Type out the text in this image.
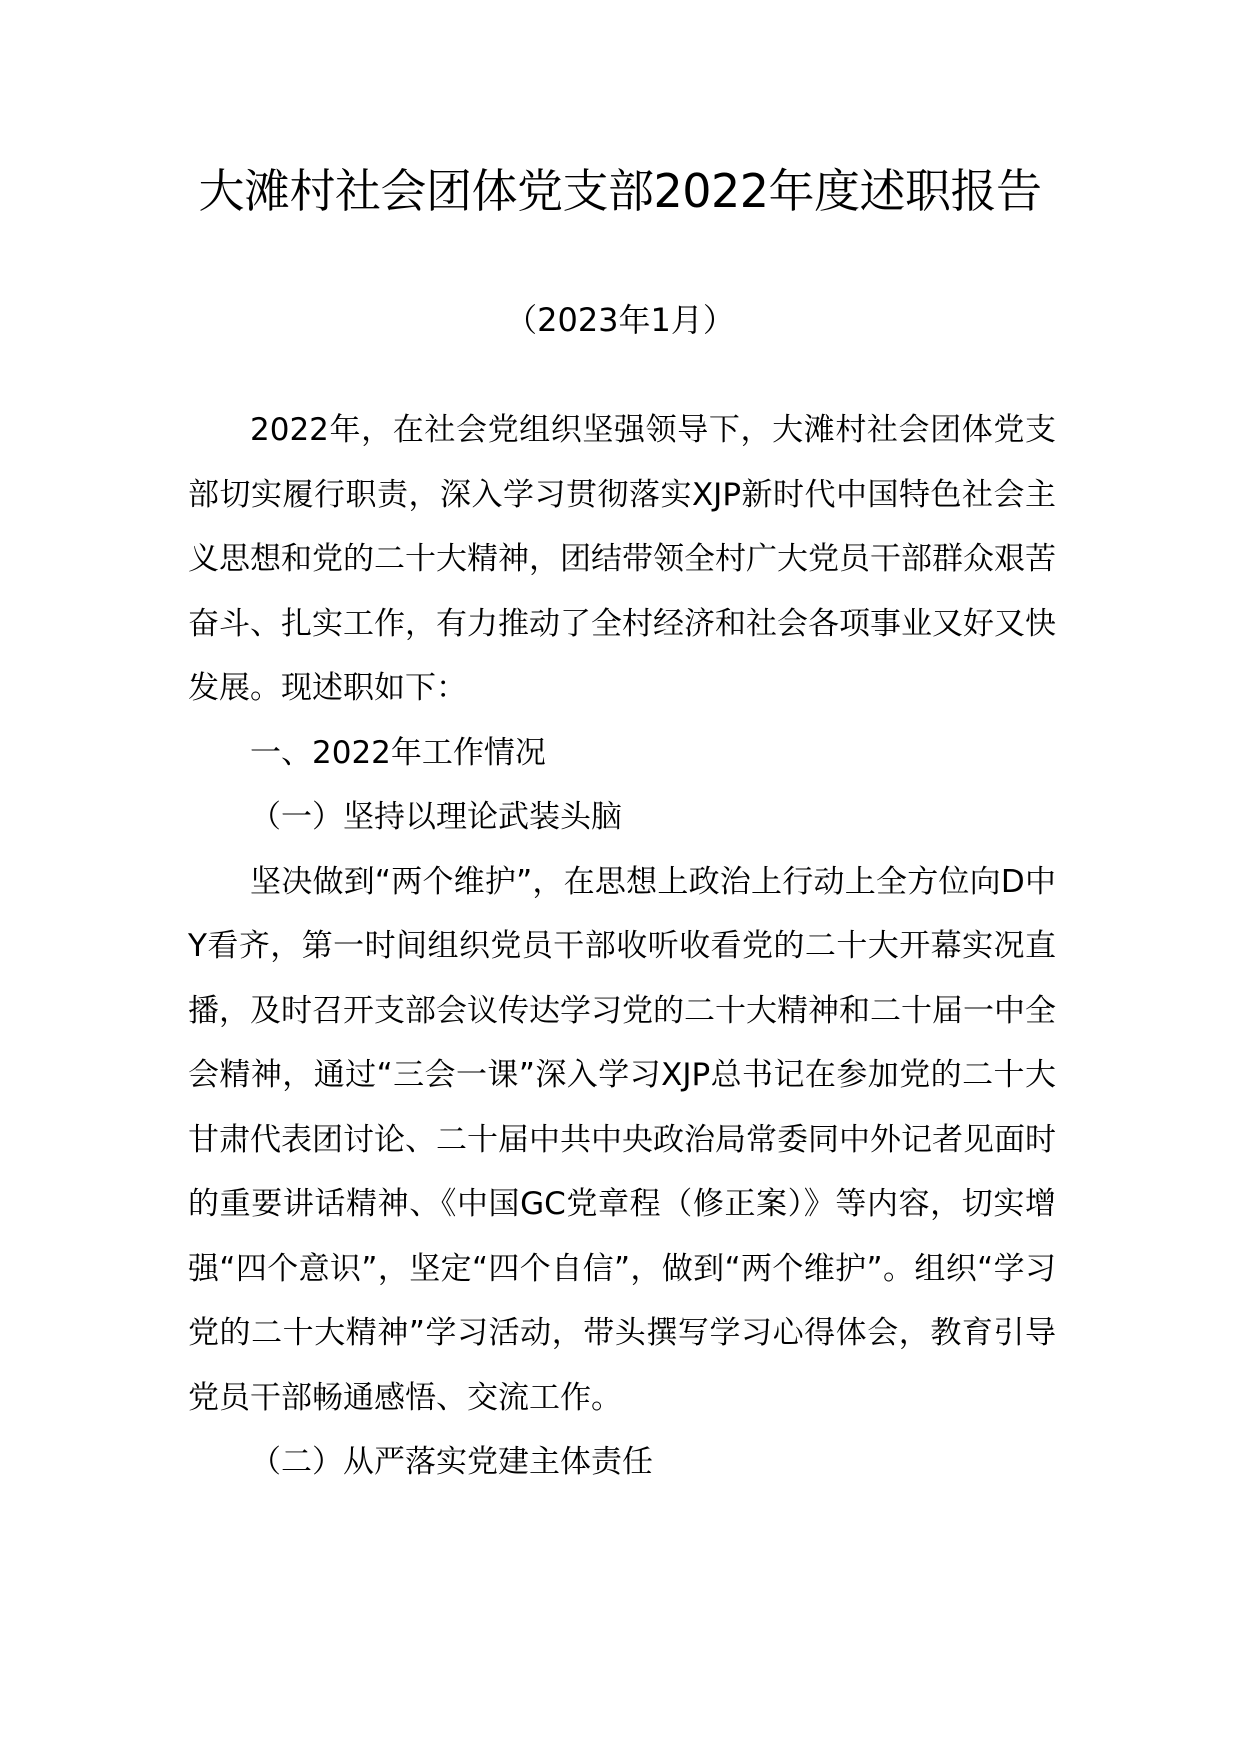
大滩村社会团体党支部2022年度述职报告
（2023年1月）

2022年，在社会党组织坚强领导下，大滩村社会团体党支部切实履行职责，深入学习贯彻落实XJP新时代中国特色社会主义思想和党的二十大精神，团结带领全村广大党员干部群众艰苦奋斗、扎实工作，有力推动了全村经济和社会各项事业又好又快发展。现述职如下：

一、2022年工作情况

（一）坚持以理论武装头脑

坚决做到“两个维护”，在思想上政治上行动上全方位向D中Y看齐，第一时间组织党员干部收听收看党的二十大开幕实况直播，及时召开支部会议传达学习党的二十大精神和二十届一中全会精神，通过“三会一课”深入学习XJP总书记在参加党的二十大甘肃代表团讨论、二十届中共中央政治局常委同中外记者见面时的重要讲话精神、《中国GC党章程（修正案）》等内容，切实增强“四个意识”，坚定“四个自信”，做到“两个维护”。组织“学习党的二十大精神”学习活动，带头撰写学习心得体会，教育引导党员干部畅通感悟、交流工作。

（二）从严落实党建主体责任
